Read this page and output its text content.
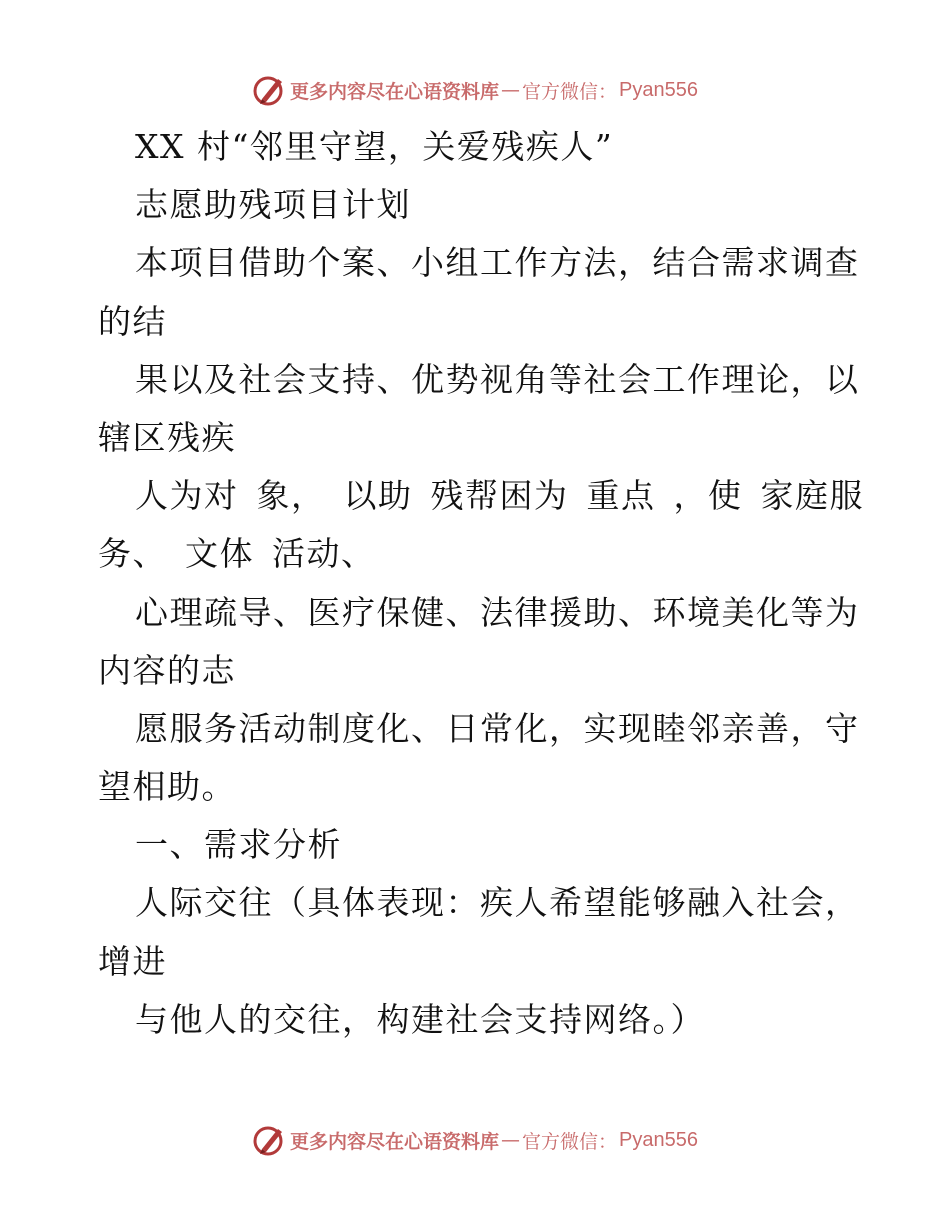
更多内容尽在心语资料库 — 官方微信： Pyan556
XX 村“邻里守望，关爱残疾人”
志愿助残项目计划
本项目借助个案、小组工作方法，结合需求调查
的结
果以及社会支持、优势视角等社会工作理论，以
辖区残疾
人为对 象， 以助 残帮困为 重点 ，使 家庭服
务、 文体 活动、
心理疏导、医疗保健、法律援助、环境美化等为
内容的志
愿服务活动制度化、日常化，实现睦邻亲善，守
望相助。
一、需求分析
人际交往（具体表现：疾人希望能够融入社会，
增进
与他人的交往，构建社会支持网络。）
更多内容尽在心语资料库 — 官方微信： Pyan556
